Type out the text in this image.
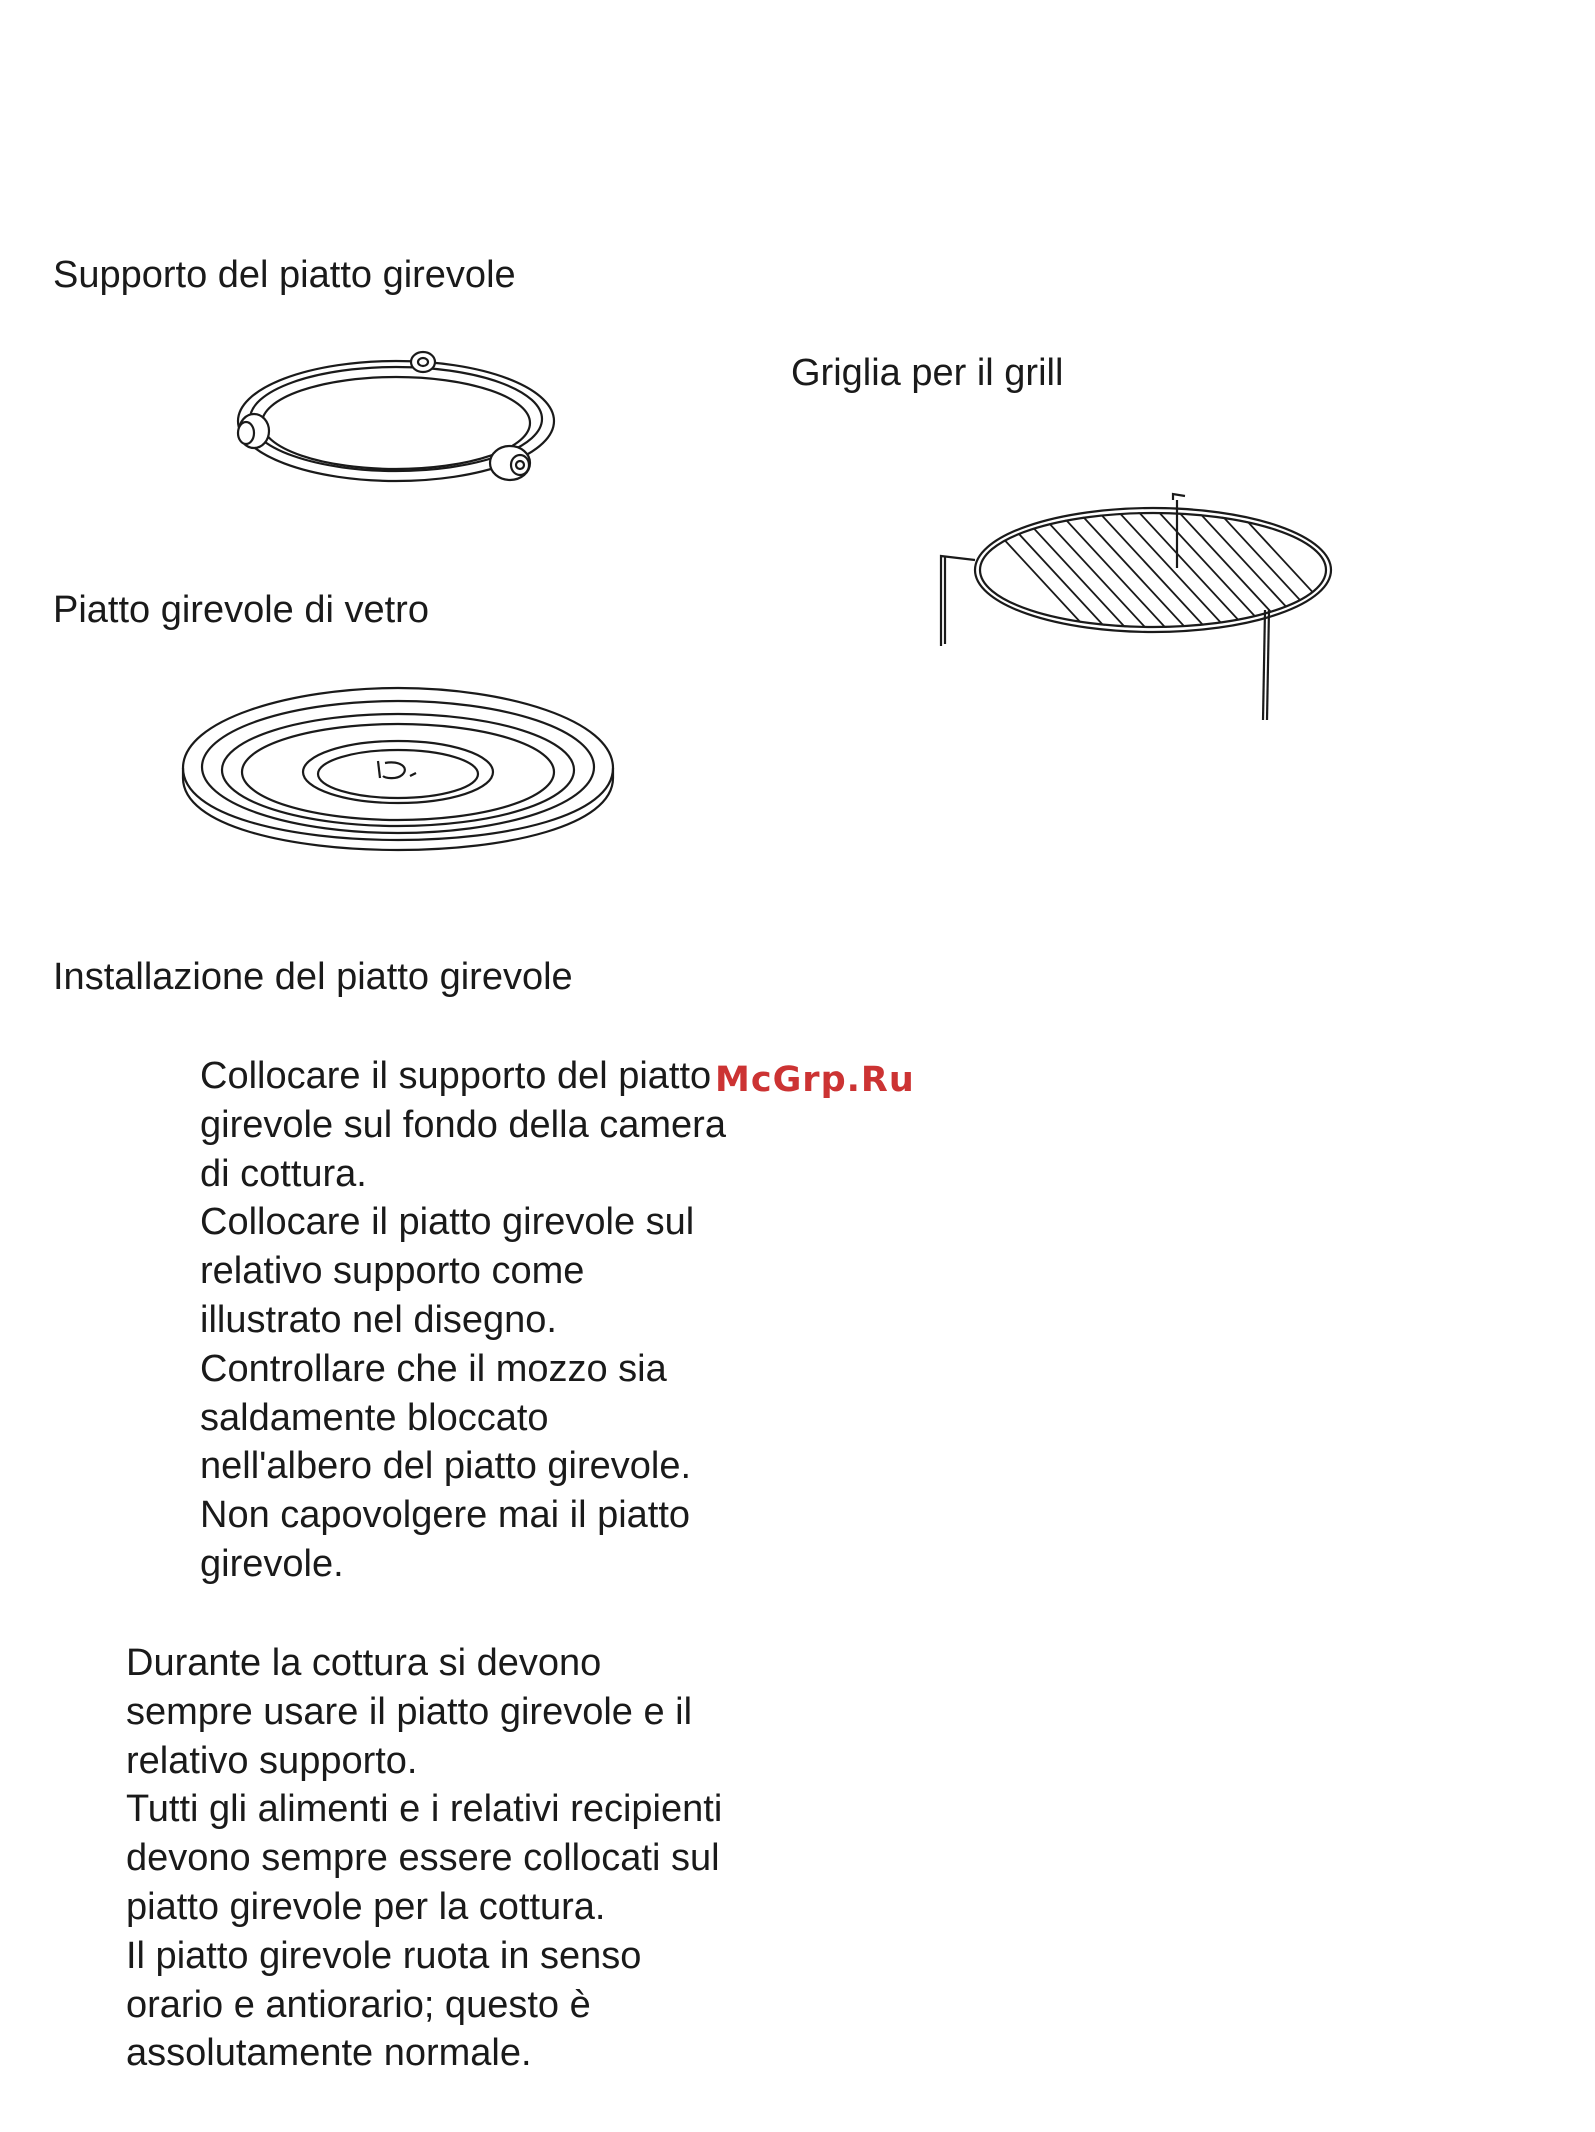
Supporto del piatto girevole
Griglia per il grill
Piatto girevole di vetro
Installazione del piatto girevole

Collocare il supporto del piatto
girevole sul fondo della camera
di cottura.
Collocare il piatto girevole sul
relativo supporto come
illustrato nel disegno.
Controllare che il mozzo sia
saldamente bloccato
nell'albero del piatto girevole.
Non capovolgere mai il piatto
girevole.

Durante la cottura si devono
sempre usare il piatto girevole e il
relativo supporto.
Tutti gli alimenti e i relativi recipienti
devono sempre essere collocati sul
piatto girevole per la cottura.
Il piatto girevole ruota in senso
orario e antiorario; questo è
assolutamente normale.

McGrp.Ru
